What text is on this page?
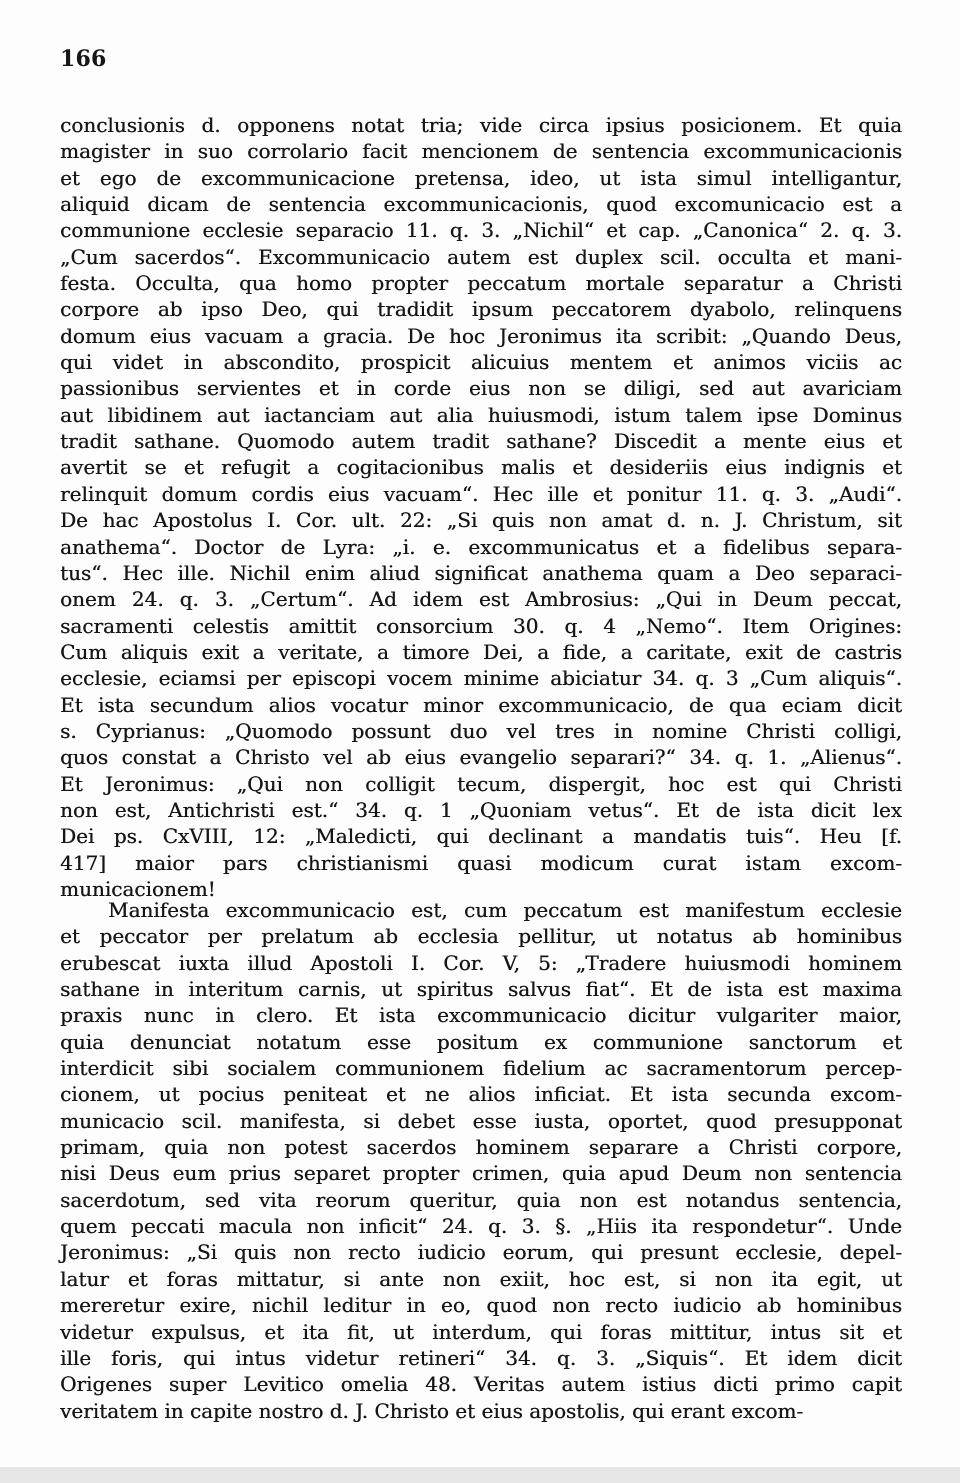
166
conclusionis d. opponens notat tria; vide circa ipsius posicionem. Et quia
magister in suo corrolario facit mencionem de sentencia excommunicacionis
et ego de excommunicacione pretensa, ideo, ut ista simul intelligantur,
aliquid dicam de sentencia excommunicacionis, quod excomunicacio est a
communione ecclesie separacio 11. q. 3. „Nichil“ et cap. „Canonica“ 2. q. 3.
„Cum sacerdos“. Excommunicacio autem est duplex scil. occulta et mani-
festa. Occulta, qua homo propter peccatum mortale separatur a Christi
corpore ab ipso Deo, qui tradidit ipsum peccatorem dyabolo, relinquens
domum eius vacuam a gracia. De hoc Jeronimus ita scribit: „Quando Deus,
qui videt in abscondito, prospicit alicuius mentem et animos viciis ac
passionibus servientes et in corde eius non se diligi, sed aut avariciam
aut libidinem aut iactanciam aut alia huiusmodi, istum talem ipse Dominus
tradit sathane. Quomodo autem tradit sathane? Discedit a mente eius et
avertit se et refugit a cogitacionibus malis et desideriis eius indignis et
relinquit domum cordis eius vacuam“. Hec ille et ponitur 11. q. 3. „Audi“.
De hac Apostolus I. Cor. ult. 22: „Si quis non amat d. n. J. Christum, sit
anathema“. Doctor de Lyra: „i. e. excommunicatus et a fidelibus separa-
tus“. Hec ille. Nichil enim aliud significat anathema quam a Deo separaci-
onem 24. q. 3. „Certum“. Ad idem est Ambrosius: „Qui in Deum peccat,
sacramenti celestis amittit consorcium 30. q. 4 „Nemo“. Item Origines:
Cum aliquis exit a veritate, a timore Dei, a fide, a caritate, exit de castris
ecclesie, eciamsi per episcopi vocem minime abiciatur 34. q. 3 „Cum aliquis“.
Et ista secundum alios vocatur minor excommunicacio, de qua eciam dicit
s. Cyprianus: „Quomodo possunt duo vel tres in nomine Christi colligi,
quos constat a Christo vel ab eius evangelio separari?“ 34. q. 1. „Alienus“.
Et Jeronimus: „Qui non colligit tecum, dispergit, hoc est qui Christi
non est, Antichristi est.“ 34. q. 1 „Quoniam vetus“. Et de ista dicit lex
Dei ps. CxVIII, 12: „Maledicti, qui declinant a mandatis tuis“. Heu [f.
417] maior pars christianismi quasi modicum curat istam excom-
municacionem!
Manifesta excommunicacio est, cum peccatum est manifestum ecclesie
et peccator per prelatum ab ecclesia pellitur, ut notatus ab hominibus
erubescat iuxta illud Apostoli I. Cor. V, 5: „Tradere huiusmodi hominem
sathane in interitum carnis, ut spiritus salvus fiat“. Et de ista est maxima
praxis nunc in clero. Et ista excommunicacio dicitur vulgariter maior,
quia denunciat notatum esse positum ex communione sanctorum et
interdicit sibi socialem communionem fidelium ac sacramentorum percep-
cionem, ut pocius peniteat et ne alios inficiat. Et ista secunda excom-
municacio scil. manifesta, si debet esse iusta, oportet, quod presupponat
primam, quia non potest sacerdos hominem separare a Christi corpore,
nisi Deus eum prius separet propter crimen, quia apud Deum non sentencia
sacerdotum, sed vita reorum queritur, quia non est notandus sentencia,
quem peccati macula non inficit“ 24. q. 3. §. „Hiis ita respondetur“. Unde
Jeronimus: „Si quis non recto iudicio eorum, qui presunt ecclesie, depel-
latur et foras mittatur, si ante non exiit, hoc est, si non ita egit, ut
mereretur exire, nichil leditur in eo, quod non recto iudicio ab hominibus
videtur expulsus, et ita fit, ut interdum, qui foras mittitur, intus sit et
ille foris, qui intus videtur retineri“ 34. q. 3. „Siquis“. Et idem dicit
Origenes super Levitico omelia 48. Veritas autem istius dicti primo capit
veritatem in capite nostro d. J. Christo et eius apostolis, qui erant excom-
